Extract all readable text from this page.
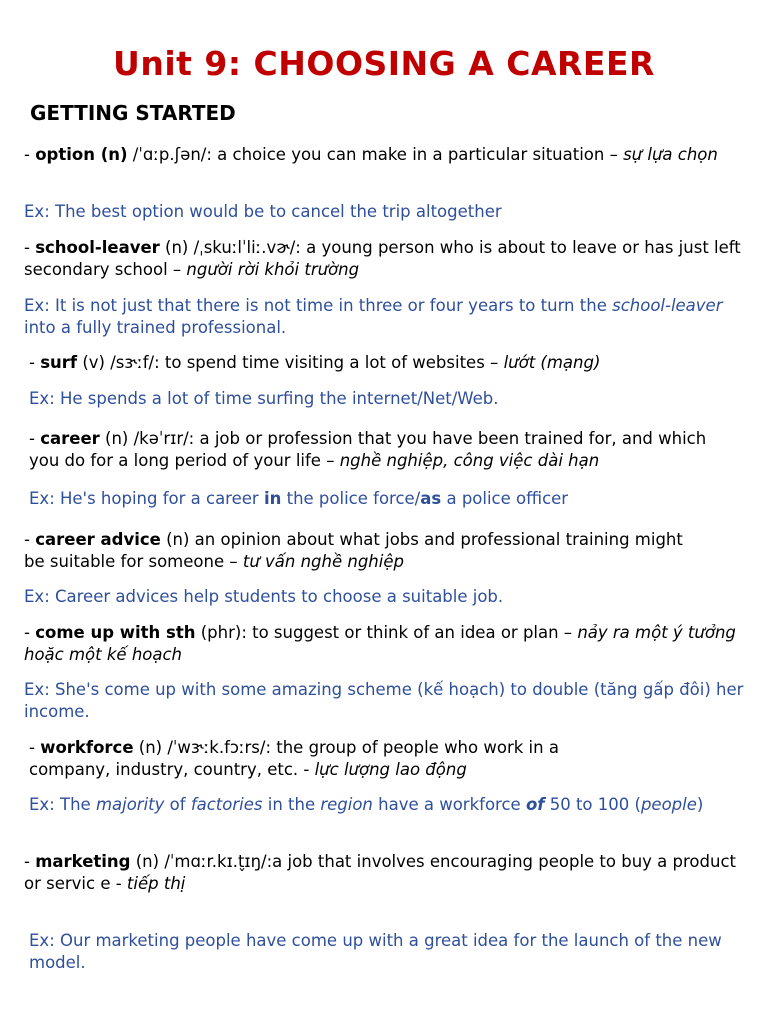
Unit 9: CHOOSING A CAREER
GETTING STARTED

- option (n) /ˈɑːp.ʃən/: a choice you can make in a particular situation – sự lựa chọn

Ex: The best option would be to cancel the trip altogether

- school-leaver (n) /ˌskuːlˈliː.vɚ/: a young person who is about to leave or has just left secondary school – người rời khỏi trường

Ex: It is not just that there is not time in three or four years to turn the school-leaver into a fully trained professional.

- surf (v) /sɝːf/: to spend time visiting a lot of websites – lướt (mạng)

Ex: He spends a lot of time surfing the internet/Net/Web.

- career (n) /kəˈrɪr/: a job or profession that you have been trained for, and which you do for a long period of your life – nghề nghiệp, công việc dài hạn

Ex: He's hoping for a career in the police force/as a police officer

- career advice (n) an opinion about what jobs and professional training might be suitable for someone – tư vấn nghề nghiệp

Ex: Career advices help students to choose a suitable job.

- come up with sth (phr): to suggest or think of an idea or plan – nảy ra một ý tưởng hoặc một kế hoạch

Ex: She's come up with some amazing scheme (kế hoạch) to double (tăng gấp đôi) her income.

- workforce (n) /ˈwɝːk.fɔːrs/: the group of people who work in a company, industry, country, etc. - lực lượng lao động

Ex: The majority of factories in the region have a workforce of 50 to 100 (people)

- marketing (n) /ˈmɑːr.kɪ.t̬ɪŋ/:a job that involves encouraging people to buy a product or servic e - tiếp thị

Ex: Our marketing people have come up with a great idea for the launch of the new model.
